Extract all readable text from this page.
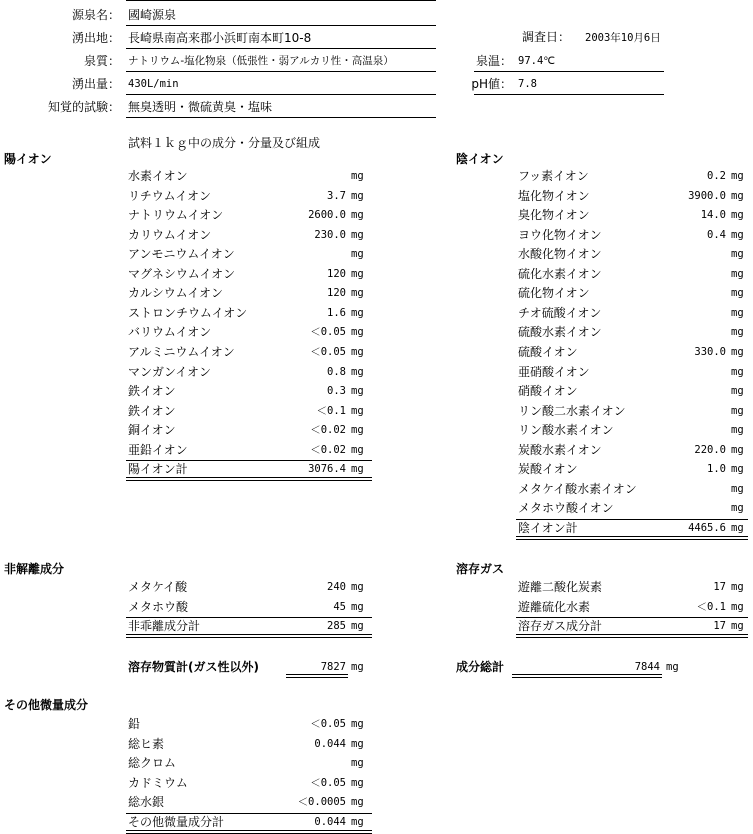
源泉名： 國崎源泉
湧出地： 長崎県南高来郡小浜町南本町10-8
泉質： ナトリウム-塩化物泉（低張性・弱アルカリ性・高温泉）
湧出量： 430L/min
知覚的試験： 無臭透明・微硫黄臭・塩味
調査日： 2003年10月6日
泉温： 97.4℃
pH値： 7.8
試料１ｋｇ中の成分・分量及び組成
陽イオン	陰イオン
非解離成分	溶存ガス
その他微量成分
水素イオン	mg
リチウムイオン	3.7 mg
ナトリウムイオン	2600.0 mg
カリウムイオン	230.0 mg
アンモニウムイオン	mg
マグネシウムイオン	120 mg
カルシウムイオン	120 mg
ストロンチウムイオン	1.6 mg
バリウムイオン	＜0.05 mg
アルミニウムイオン	＜0.05 mg
マンガンイオン	0.8 mg
鉄イオン	0.3 mg
鉄イオン	＜0.1 mg
銅イオン	＜0.02 mg
亜鉛イオン	＜0.02 mg
陽イオン計	3076.4 mg
フッ素イオン	0.2 mg
塩化物イオン	3900.0 mg
臭化物イオン	14.0 mg
ヨウ化物イオン	0.4 mg
水酸化物イオン	mg
硫化水素イオン	mg
硫化物イオン	mg
チオ硫酸イオン	mg
硫酸水素イオン	mg
硫酸イオン	330.0 mg
亜硝酸イオン	mg
硝酸イオン	mg
リン酸二水素イオン	mg
リン酸水素イオン	mg
炭酸水素イオン	220.0 mg
炭酸イオン	1.0 mg
メタケイ酸水素イオン	mg
メタホウ酸イオン	mg
陰イオン計	4465.6 mg
メタケイ酸	240 mg
メタホウ酸	45 mg
非乖離成分計	285 mg
遊離二酸化炭素	17 mg
遊離硫化水素	＜0.1 mg
溶存ガス成分計	17 mg
鉛	＜0.05 mg
総ヒ素	0.044 mg
総クロム	mg
カドミウム	＜0.05 mg
総水銀	＜0.0005 mg
その他微量成分計	0.044 mg
溶存物質計(ガス性以外)	7827 mg	成分総計	7844 mg
